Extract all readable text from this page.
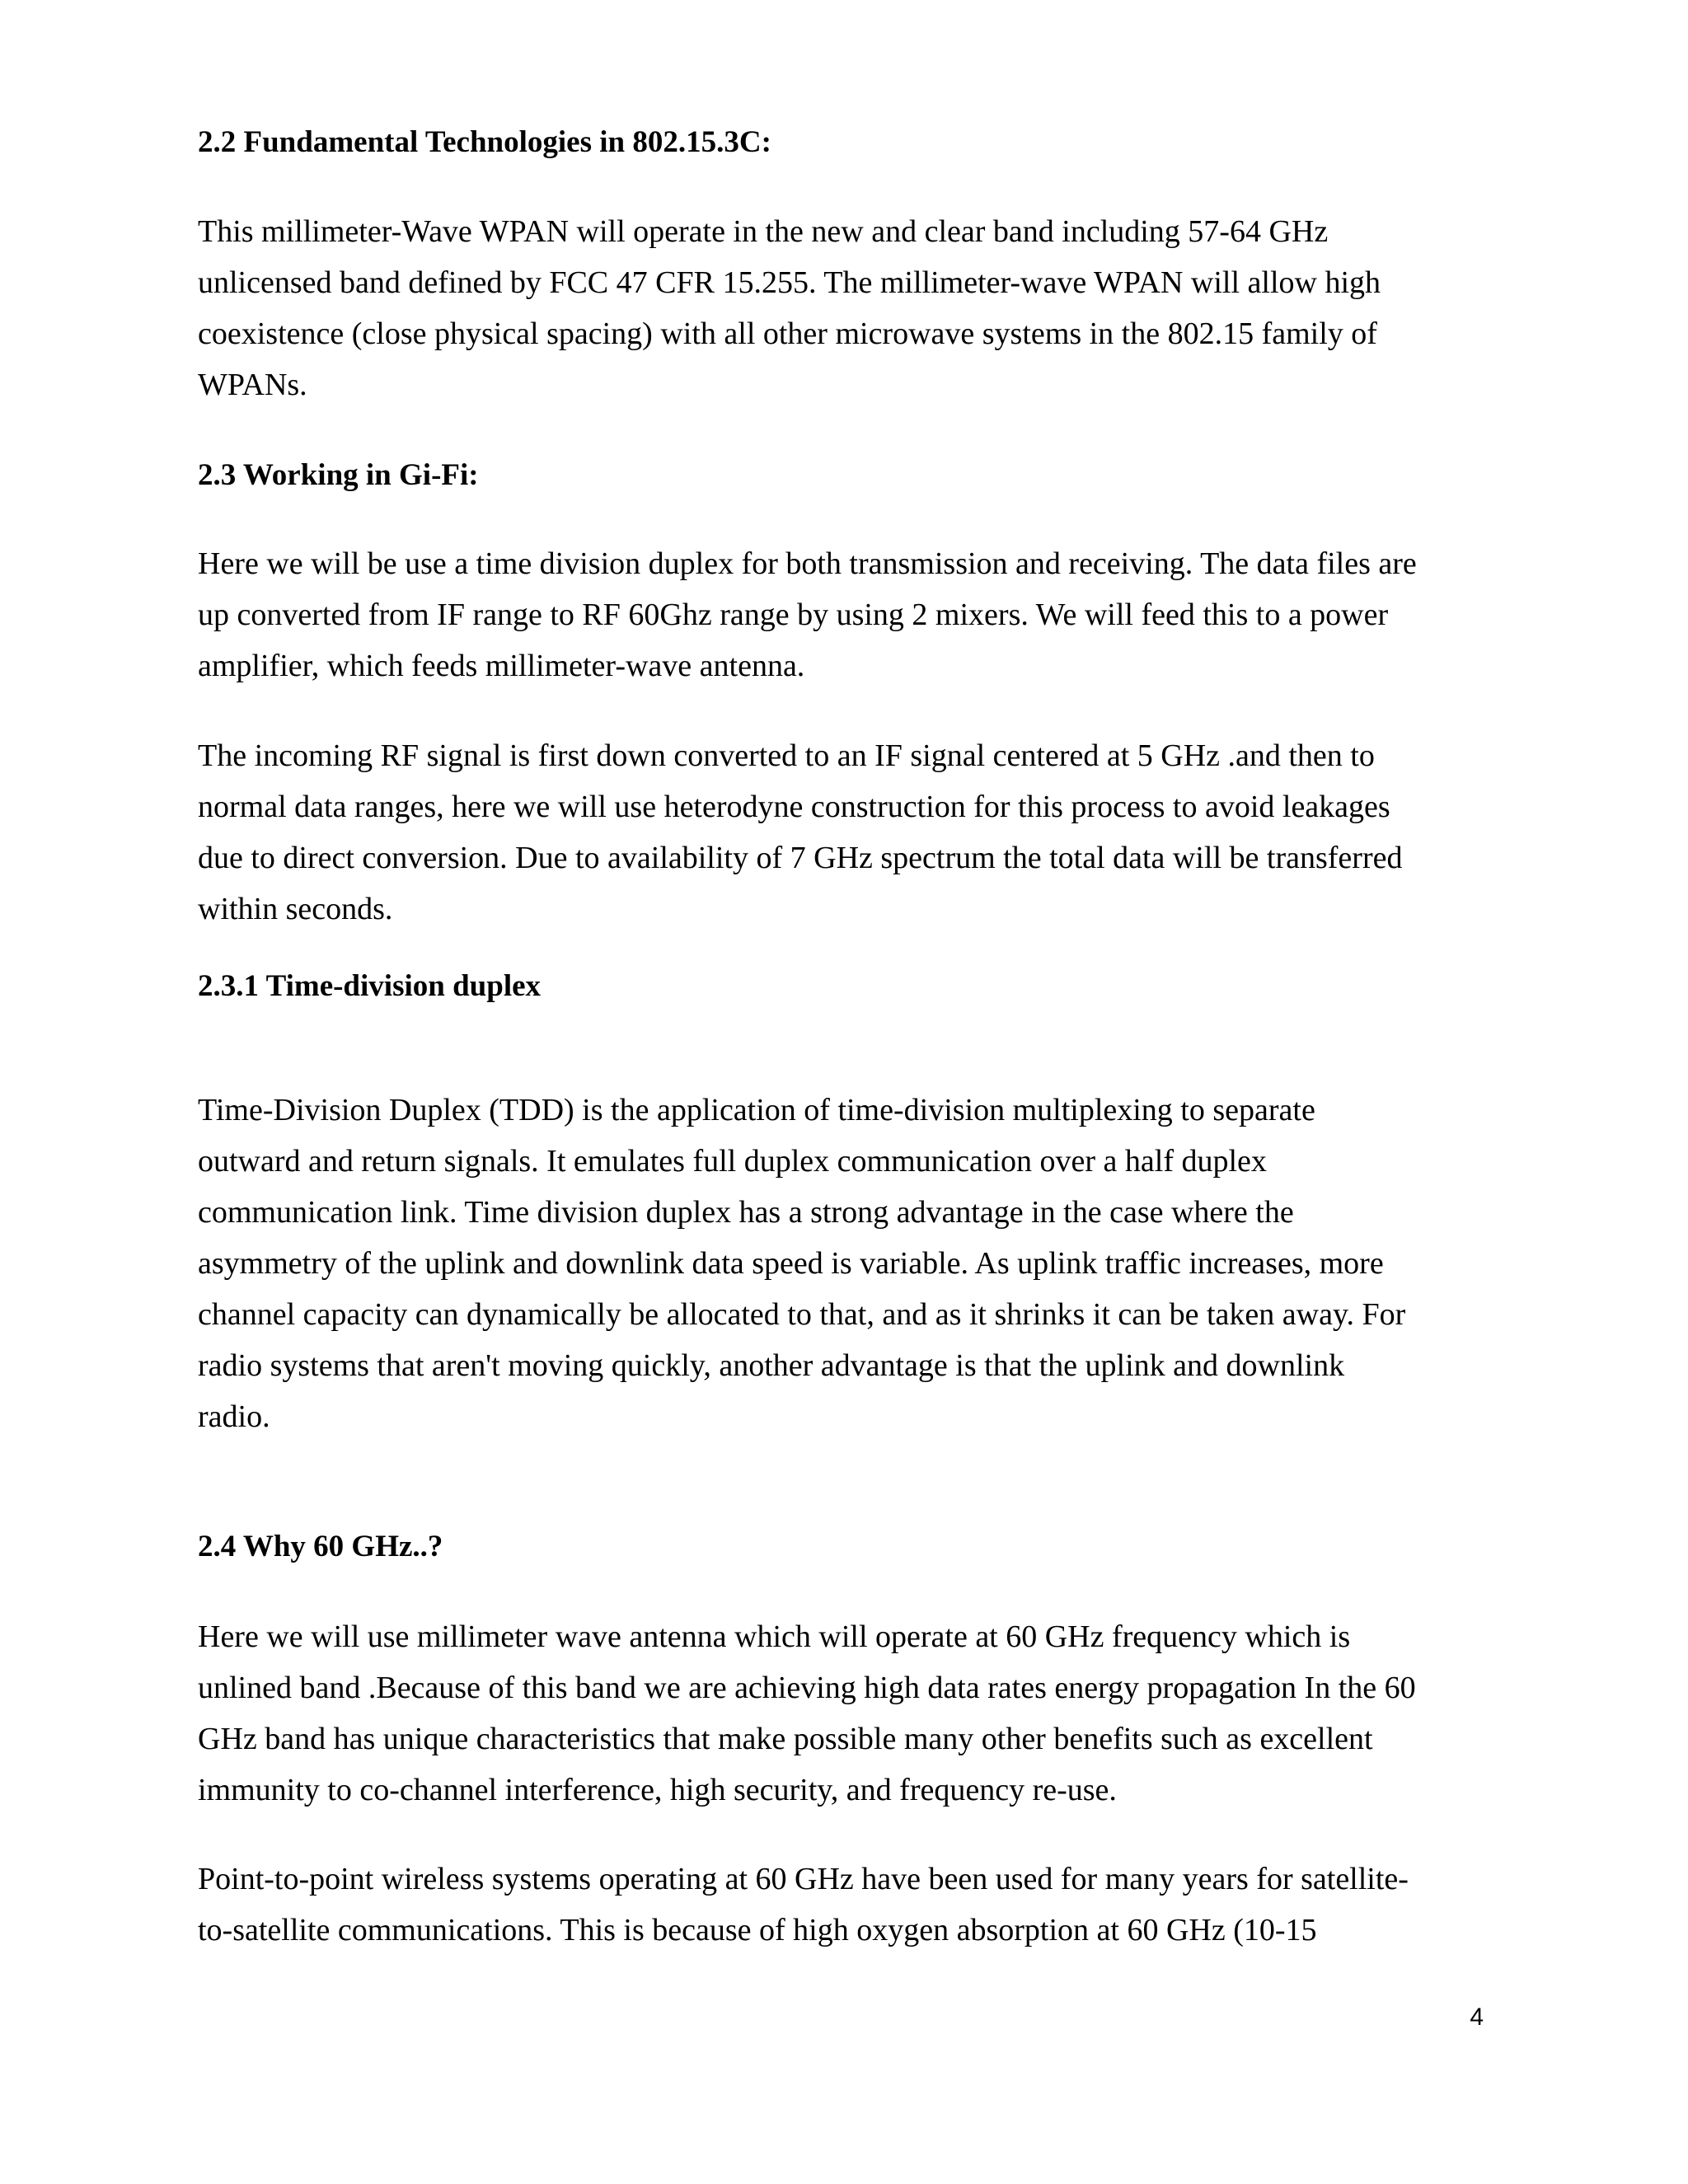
2.2 Fundamental Technologies in 802.15.3C:
This millimeter-Wave WPAN will operate in the new and clear band including 57-64 GHz
unlicensed band defined by FCC 47 CFR 15.255. The millimeter-wave WPAN will allow high
coexistence (close physical spacing) with all other microwave systems in the 802.15 family of
WPANs.
2.3 Working in Gi-Fi:
Here we will be use a time division duplex for both transmission and receiving. The data files are
up converted from IF range to RF 60Ghz range by using 2 mixers. We will feed this to a power
amplifier, which feeds millimeter-wave antenna.
The incoming RF signal is first down converted to an IF signal centered at 5 GHz .and then to
normal data ranges, here we will use heterodyne construction for this process to avoid leakages
due to direct conversion. Due to availability of 7 GHz spectrum the total data will be transferred
within seconds.
2.3.1 Time-division duplex
Time-Division Duplex (TDD) is the application of time-division multiplexing to separate
outward and return signals. It emulates full duplex communication over a half duplex
communication link. Time division duplex has a strong advantage in the case where the
asymmetry of the uplink and downlink data speed is variable. As uplink traffic increases, more
channel capacity can dynamically be allocated to that, and as it shrinks it can be taken away. For
radio systems that aren't moving quickly, another advantage is that the uplink and downlink
radio.
2.4 Why 60 GHz..?
Here we will use millimeter wave antenna which will operate at 60 GHz frequency which is
unlined band .Because of this band we are achieving high data rates energy propagation In the 60
GHz band has unique characteristics that make possible many other benefits such as excellent
immunity to co-channel interference, high security, and frequency re-use.
Point-to-point wireless systems operating at 60 GHz have been used for many years for satellite-
to-satellite communications. This is because of high oxygen absorption at 60 GHz (10-15
4
